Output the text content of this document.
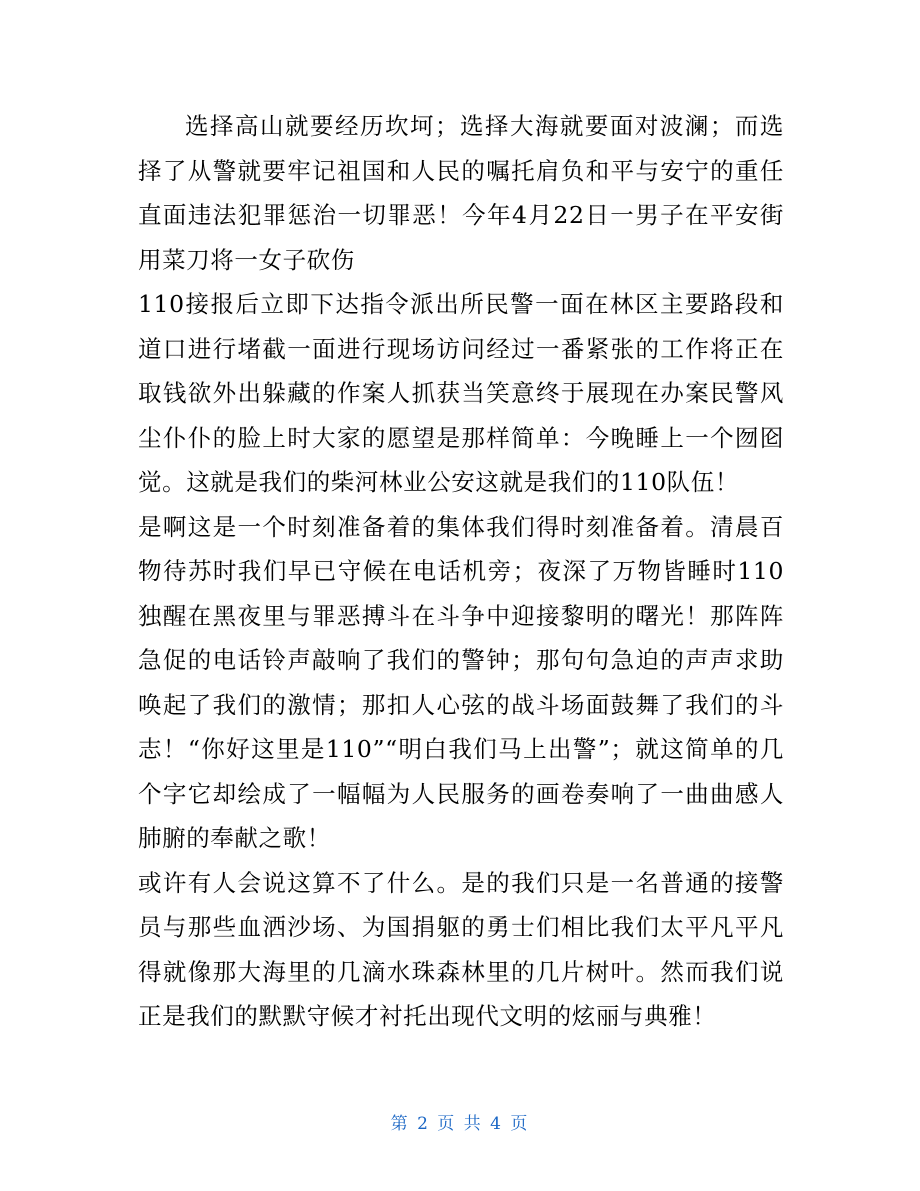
选择高山就要经历坎坷；选择大海就要面对波澜；而选择了从警就要牢记祖国和人民的嘱托肩负和平与安宁的重任直面违法犯罪惩治一切罪恶！今年4月22日一男子在平安街用菜刀将一女子砍伤

110接报后立即下达指令派出所民警一面在林区主要路段和道口进行堵截一面进行现场访问经过一番紧张的工作将正在取钱欲外出躲藏的作案人抓获当笑意终于展现在办案民警风尘仆仆的脸上时大家的愿望是那样简单：今晚睡上一个囫囵觉。这就是我们的柴河林业公安这就是我们的110队伍！

是啊这是一个时刻准备着的集体我们得时刻准备着。清晨百物待苏时我们早已守候在电话机旁；夜深了万物皆睡时110独醒在黑夜里与罪恶搏斗在斗争中迎接黎明的曙光！那阵阵急促的电话铃声敲响了我们的警钟；那句句急迫的声声求助唤起了我们的激情；那扣人心弦的战斗场面鼓舞了我们的斗志！“你好这里是110”“明白我们马上出警”；就这简单的几个字它却绘成了一幅幅为人民服务的画卷奏响了一曲曲感人肺腑的奉献之歌！

或许有人会说这算不了什么。是的我们只是一名普通的接警员与那些血洒沙场、为国捐躯的勇士们相比我们太平凡平凡得就像那大海里的几滴水珠森林里的几片树叶。然而我们说正是我们的默默守候才衬托出现代文明的炫丽与典雅！

第 2 页 共 4 页
